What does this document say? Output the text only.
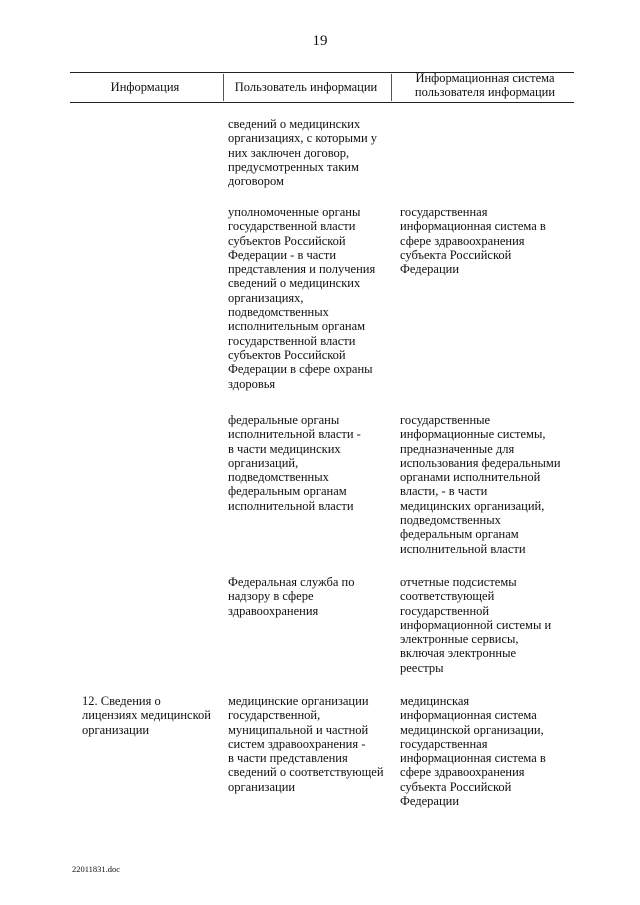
19
Информация	Пользователь информации
Информационная система
пользователя информации
сведений о медицинских
организациях, с которыми у
них заключен договор,
предусмотренных таким
договором
уполномоченные органы
государственной власти
субъектов Российской
Федерации - в части
представления и получения
сведений о медицинских
организациях,
подведомственных
исполнительным органам
государственной власти
субъектов Российской
Федерации в сфере охраны
здоровья
государственная
информационная система в
сфере здравоохранения
субъекта Российской
Федерации
федеральные органы
исполнительной власти -
в части медицинских
организаций,
подведомственных
федеральным органам
исполнительной власти
государственные
информационные системы,
предназначенные для
использования федеральными
органами исполнительной
власти, - в части
медицинских организаций,
подведомственных
федеральным органам
исполнительной власти
Федеральная служба по
надзору в сфере
здравоохранения
отчетные подсистемы
соответствующей
государственной
информационной системы и
электронные сервисы,
включая электронные
реестры
12. Сведения о
лицензиях медицинской
организации
медицинские организации
государственной,
муниципальной и частной
систем здравоохранения -
в части представления
сведений о соответствующей
организации
медицинская
информационная система
медицинской организации,
государственная
информационная система в
сфере здравоохранения
субъекта Российской
Федерации
22011831.doc
